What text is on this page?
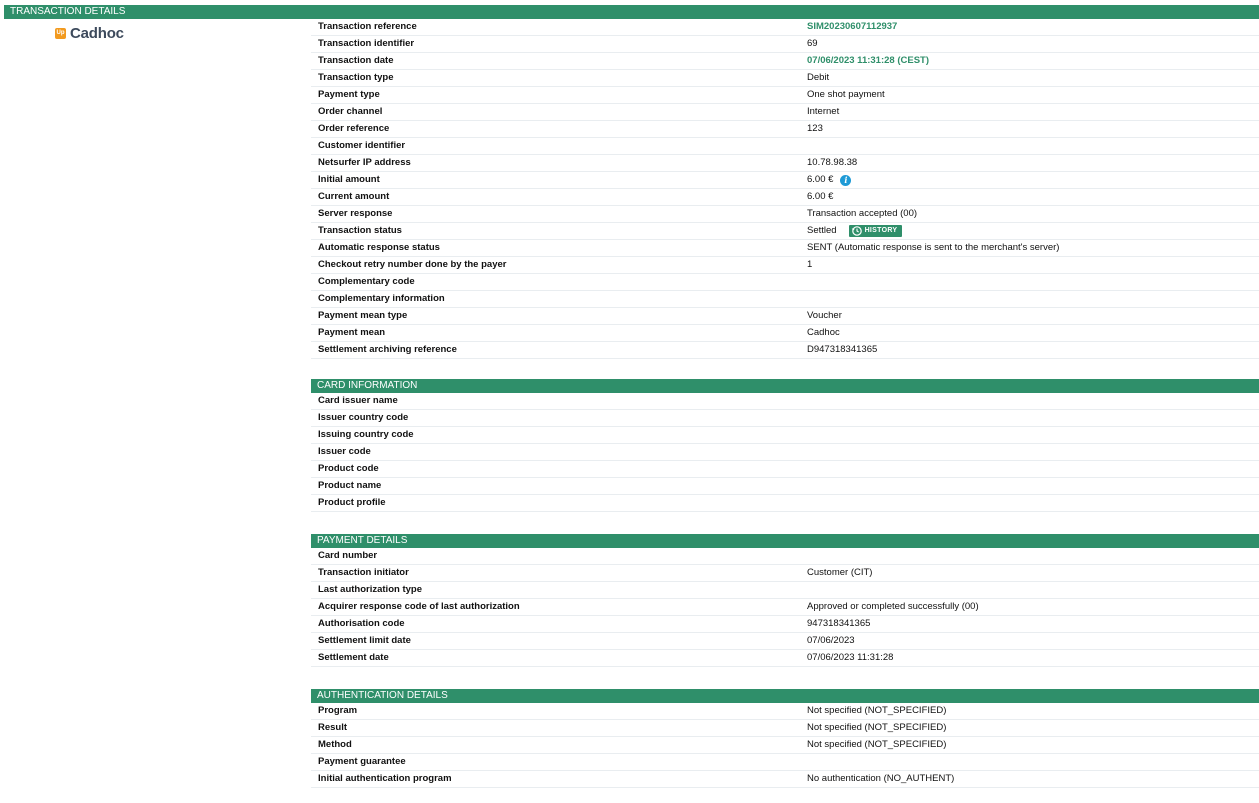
TRANSACTION DETAILS
Up Cadhoc	Transaction reference	SIM20230607112937
Transaction identifier	69
Transaction date	07/06/2023 11:31:28 (CEST)
Transaction type	Debit
Payment type	One shot payment
Order channel	Internet
Order reference	123
Customer identifier
Netsurfer IP address	10.78.98.38
Initial amount	6.00 €	i
Current amount	6.00 €
Server response	Transaction accepted (00)
Transaction status	Settled	HISTORY
Automatic response status	SENT (Automatic response is sent to the merchant's server)
Checkout retry number done by the payer	1
Complementary code
Complementary information
Payment mean type	Voucher
Payment mean	Cadhoc
Settlement archiving reference	D947318341365
CARD INFORMATION
Card issuer name
Issuer country code
Issuing country code
Issuer code
Product code
Product name
Product profile
PAYMENT DETAILS
Card number
Transaction initiator	Customer (CIT)
Last authorization type
Acquirer response code of last authorization	Approved or completed successfully (00)
Authorisation code	947318341365
Settlement limit date	07/06/2023
Settlement date	07/06/2023 11:31:28
AUTHENTICATION DETAILS
Program	Not specified (NOT_SPECIFIED)
Result	Not specified (NOT_SPECIFIED)
Method	Not specified (NOT_SPECIFIED)
Payment guarantee
Initial authentication program	No authentication (NO_AUTHENT)
